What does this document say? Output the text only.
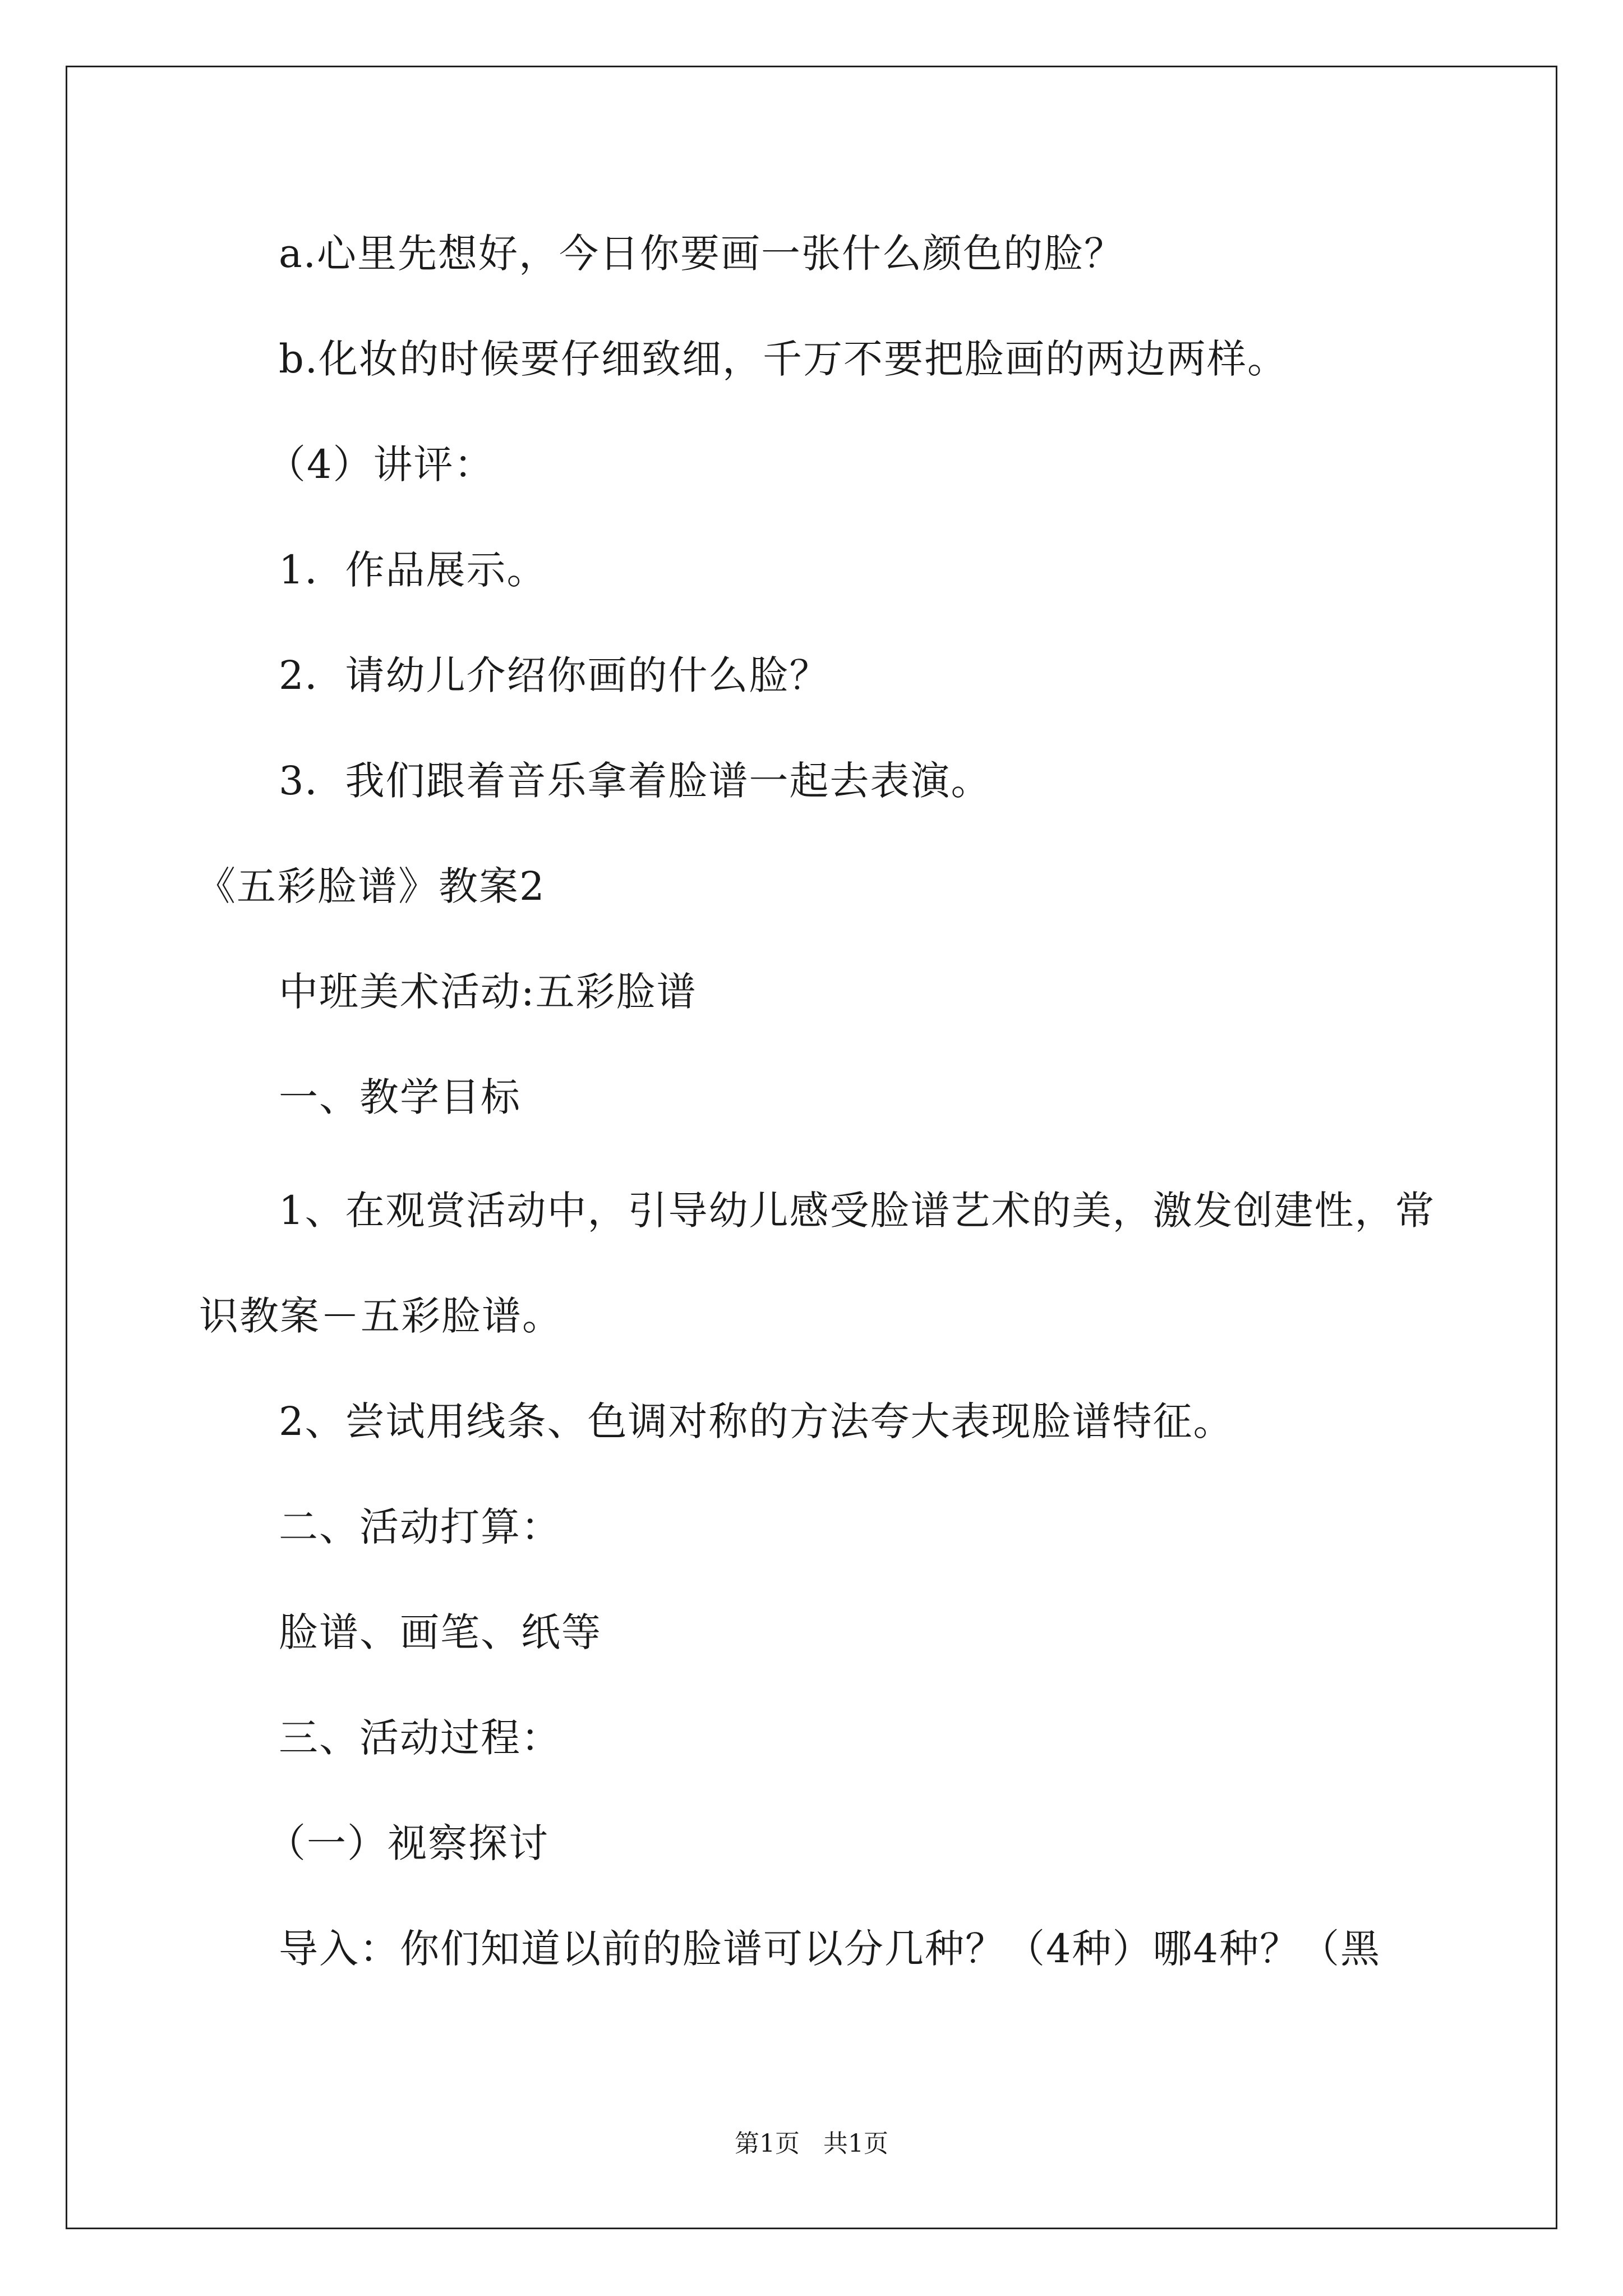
a.心里先想好，今日你要画一张什么颜色的脸？
b.化妆的时候要仔细致细，千万不要把脸画的两边两样。
（4）讲评：
1．作品展示。
2．请幼儿介绍你画的什么脸？
3．我们跟着音乐拿着脸谱一起去表演。
《五彩脸谱》教案2
中班美术活动:五彩脸谱
一、教学目标
1、在观赏活动中，引导幼儿感受脸谱艺术的美，激发创建性，常
识教案－五彩脸谱。
2、尝试用线条、色调对称的方法夸大表现脸谱特征。
二、活动打算：
脸谱、画笔、纸等
三、活动过程：
（一）视察探讨
导入：你们知道以前的脸谱可以分几种？（4种）哪4种？（黑
第1页   共1页
